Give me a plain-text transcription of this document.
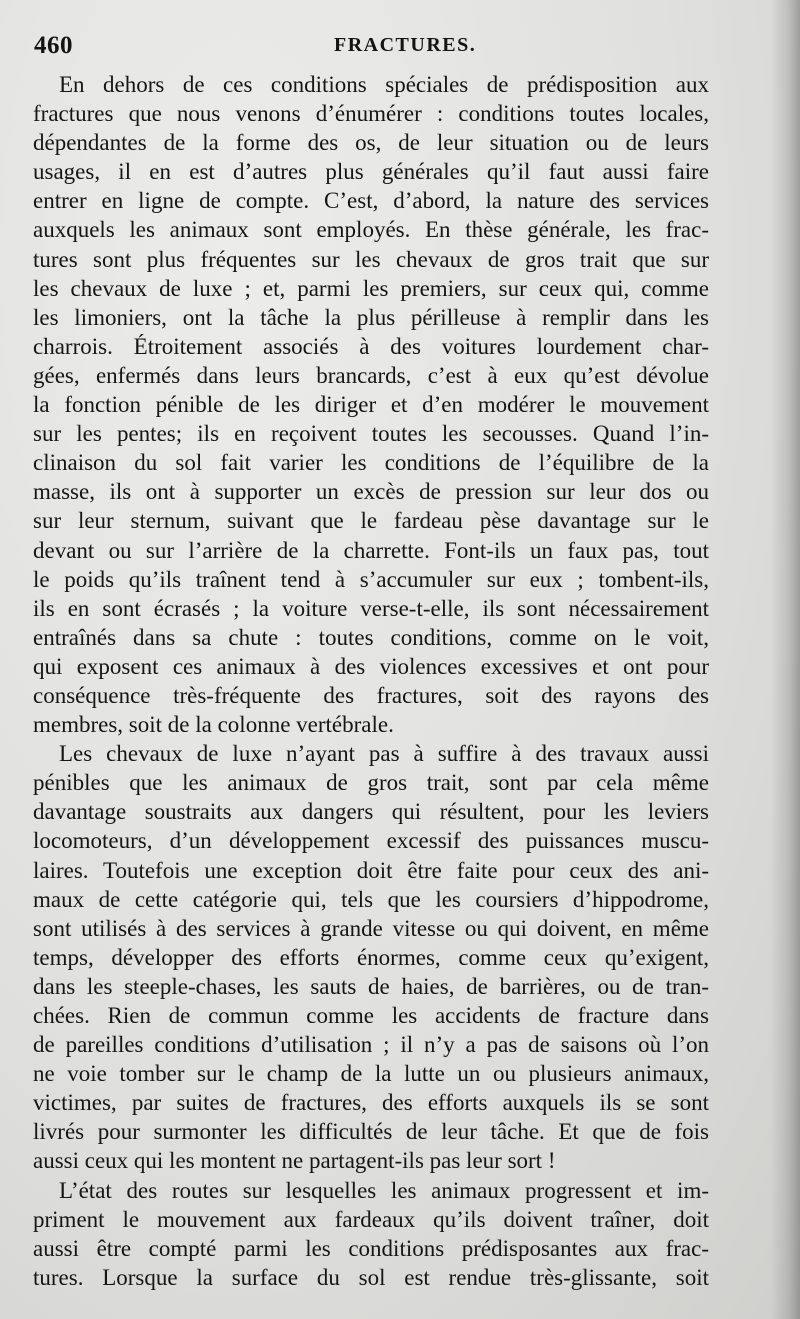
460	FRACTURES.
En dehors de ces conditions spéciales de prédisposition aux
fractures que nous venons d’énumérer : conditions toutes locales,
dépendantes de la forme des os, de leur situation ou de leurs
usages, il en est d’autres plus générales qu’il faut aussi faire
entrer en ligne de compte. C’est, d’abord, la nature des services
auxquels les animaux sont employés. En thèse générale, les frac-
tures sont plus fréquentes sur les chevaux de gros trait que sur
les chevaux de luxe ; et, parmi les premiers, sur ceux qui, comme
les limoniers, ont la tâche la plus périlleuse à remplir dans les
charrois. Étroitement associés à des voitures lourdement char-
gées, enfermés dans leurs brancards, c’est à eux qu’est dévolue
la fonction pénible de les diriger et d’en modérer le mouvement
sur les pentes; ils en reçoivent toutes les secousses. Quand l’in-
clinaison du sol fait varier les conditions de l’équilibre de la
masse, ils ont à supporter un excès de pression sur leur dos ou
sur leur sternum, suivant que le fardeau pèse davantage sur le
devant ou sur l’arrière de la charrette. Font-ils un faux pas, tout
le poids qu’ils traînent tend à s’accumuler sur eux ; tombent-ils,
ils en sont écrasés ; la voiture verse-t-elle, ils sont nécessairement
entraînés dans sa chute : toutes conditions, comme on le voit,
qui exposent ces animaux à des violences excessives et ont pour
conséquence très-fréquente des fractures, soit des rayons des
membres, soit de la colonne vertébrale.
Les chevaux de luxe n’ayant pas à suffire à des travaux aussi
pénibles que les animaux de gros trait, sont par cela même
davantage soustraits aux dangers qui résultent, pour les leviers
locomoteurs, d’un développement excessif des puissances muscu-
laires. Toutefois une exception doit être faite pour ceux des ani-
maux de cette catégorie qui, tels que les coursiers d’hippodrome,
sont utilisés à des services à grande vitesse ou qui doivent, en même
temps, développer des efforts énormes, comme ceux qu’exigent,
dans les steeple-chases, les sauts de haies, de barrières, ou de tran-
chées. Rien de commun comme les accidents de fracture dans
de pareilles conditions d’utilisation ; il n’y a pas de saisons où l’on
ne voie tomber sur le champ de la lutte un ou plusieurs animaux,
victimes, par suites de fractures, des efforts auxquels ils se sont
livrés pour surmonter les difficultés de leur tâche. Et que de fois
aussi ceux qui les montent ne partagent-ils pas leur sort !
L’état des routes sur lesquelles les animaux progressent et im-
priment le mouvement aux fardeaux qu’ils doivent traîner, doit
aussi être compté parmi les conditions prédisposantes aux frac-
tures. Lorsque la surface du sol est rendue très-glissante, soit
